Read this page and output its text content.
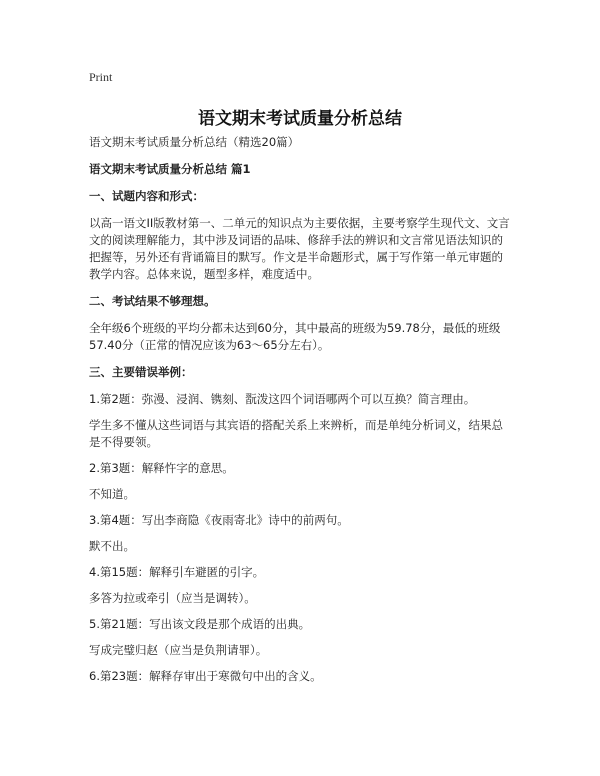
Print
语文期末考试质量分析总结

语文期末考试质量分析总结（精选20篇）

语文期末考试质量分析总结 篇1

一、试题内容和形式：

以高一语文II版教材第一、二单元的知识点为主要依据，主要考察学生现代文、文言文的阅读理解能力，其中涉及词语的品味、修辞手法的辨识和文言常见语法知识的把握等，另外还有背诵篇目的默写。作文是半命题形式，属于写作第一单元审题的教学内容。总体来说，题型多样，难度适中。

二、考试结果不够理想。

全年级6个班级的平均分都未达到60分，其中最高的班级为59.78分，最低的班级57.40分（正常的情况应该为63～65分左右）。

三、主要错误举例：

1.第2题：弥漫、浸润、镌刻、翫泼这四个词语哪两个可以互换？简言理由。

学生多不懂从这些词语与其宾语的搭配关系上来辨析，而是单纯分析词义，结果总是不得要领。

2.第3题：解释忤字的意思。

不知道。

3.第4题：写出李商隐《夜雨寄北》诗中的前两句。

默不出。

4.第15题：解释引车避匿的引字。

多答为拉或牵引（应当是调转）。

5.第21题：写出该文段是那个成语的出典。

写成完璧归赵（应当是负荆请罪）。

6.第23题：解释存审出于寒微句中出的含义。
